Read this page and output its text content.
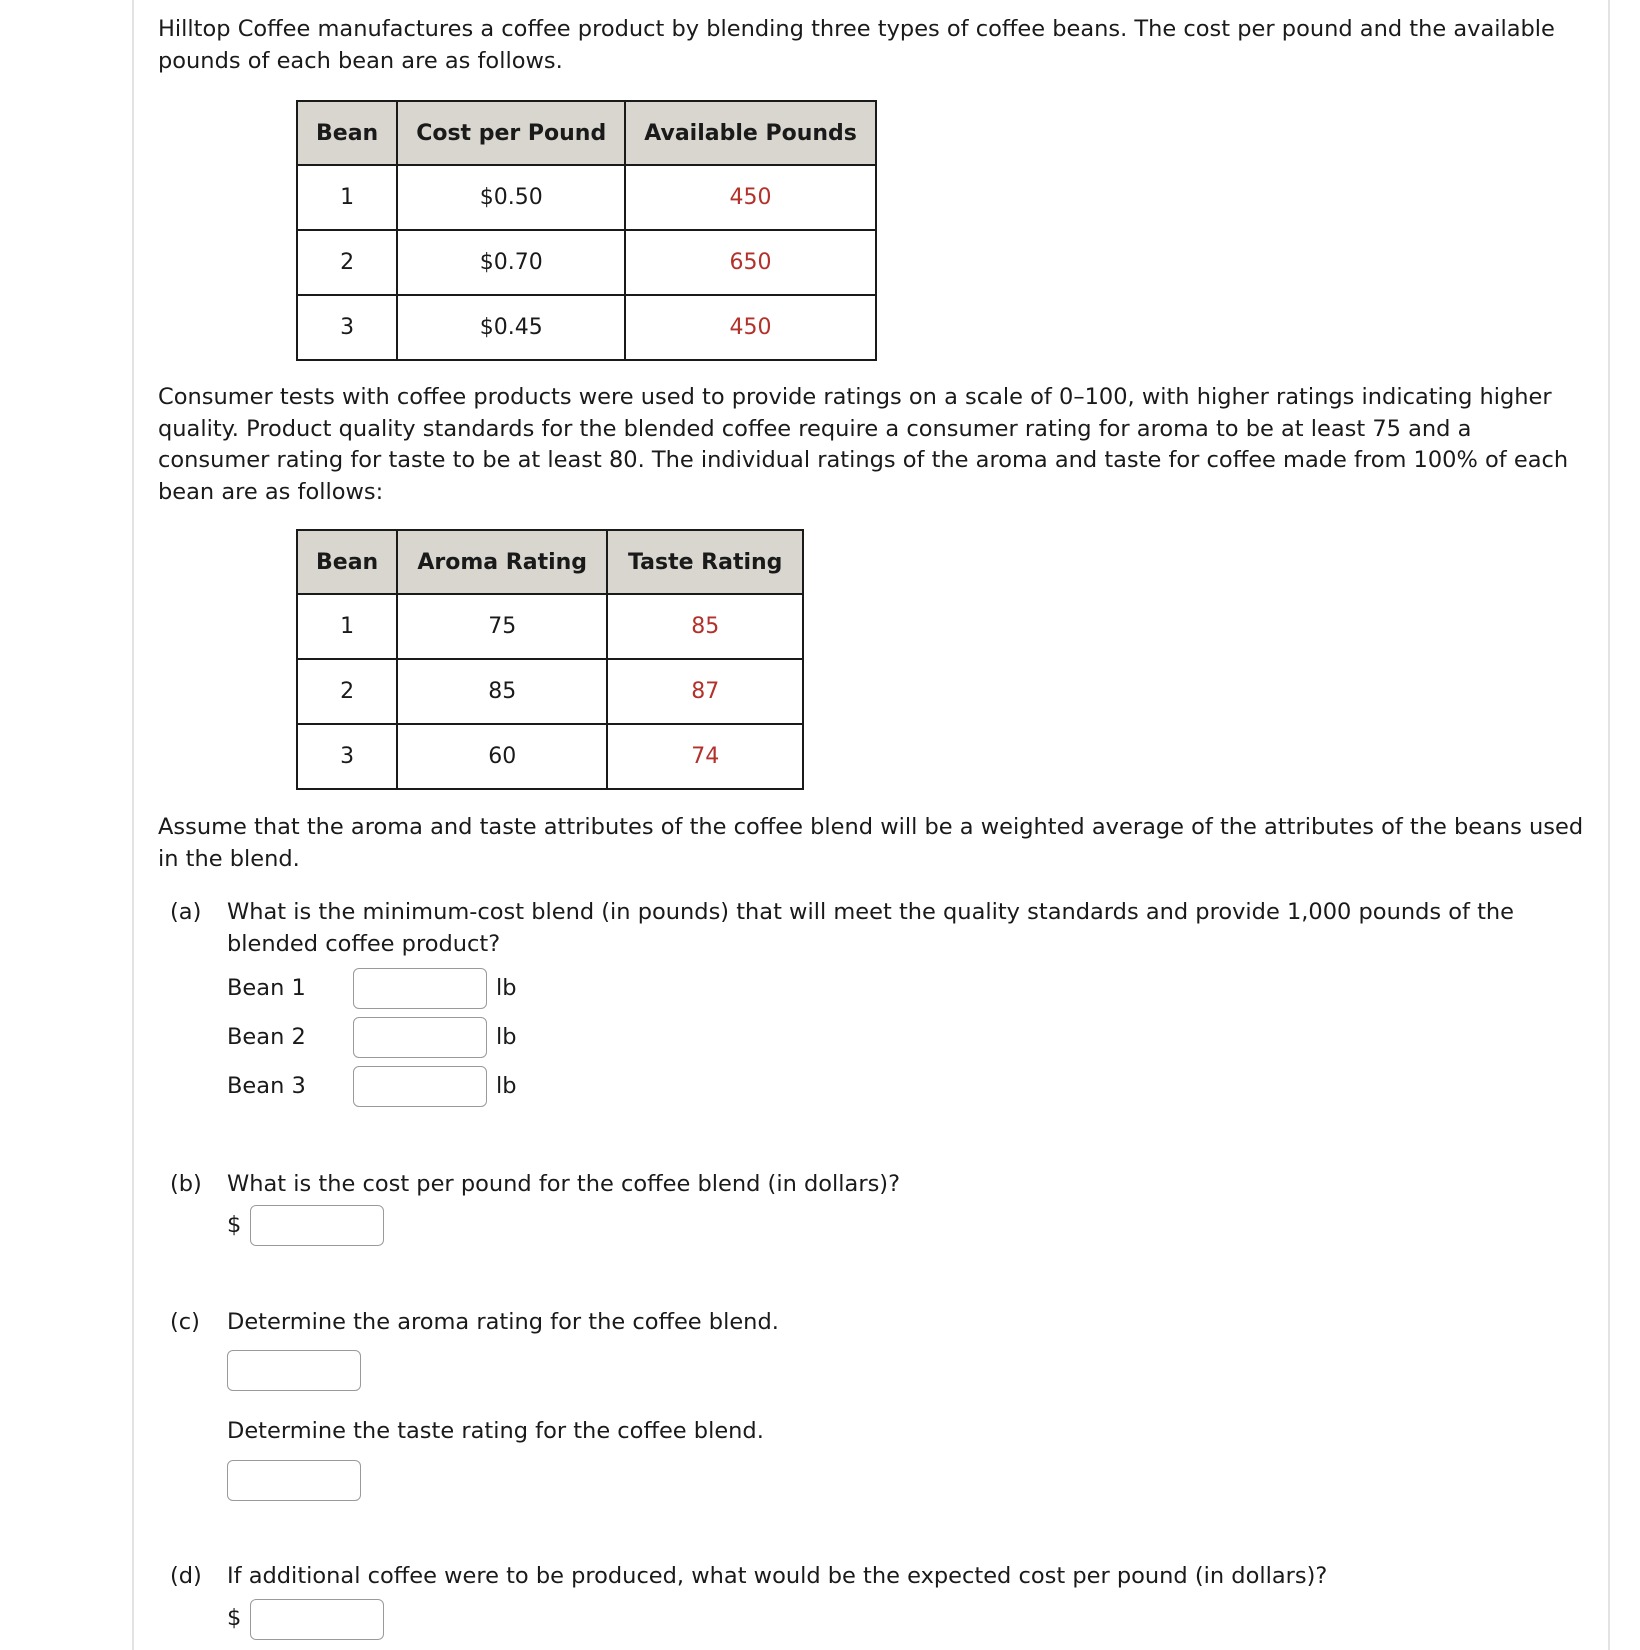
Hilltop Coffee manufactures a coffee product by blending three types of coffee beans. The cost per pound and the available pounds of each bean are as follows.

Bean	Cost per Pound	Available Pounds
1	$0.50	450
2	$0.70	650
3	$0.45	450

Consumer tests with coffee products were used to provide ratings on a scale of 0–100, with higher ratings indicating higher quality. Product quality standards for the blended coffee require a consumer rating for aroma to be at least 75 and a consumer rating for taste to be at least 80. The individual ratings of the aroma and taste for coffee made from 100% of each bean are as follows:

Bean	Aroma Rating	Taste Rating
1	75	85
2	85	87
3	60	74

Assume that the aroma and taste attributes of the coffee blend will be a weighted average of the attributes of the beans used in the blend.

(a) What is the minimum-cost blend (in pounds) that will meet the quality standards and provide 1,000 pounds of the blended coffee product?

Bean 1	lb
Bean 2	lb
Bean 3	lb
(b) What is the cost per pound for the coffee blend (in dollars)?

$
(c) Determine the aroma rating for the coffee blend.

Determine the taste rating for the coffee blend.

(d) If additional coffee were to be produced, what would be the expected cost per pound (in dollars)?

$
